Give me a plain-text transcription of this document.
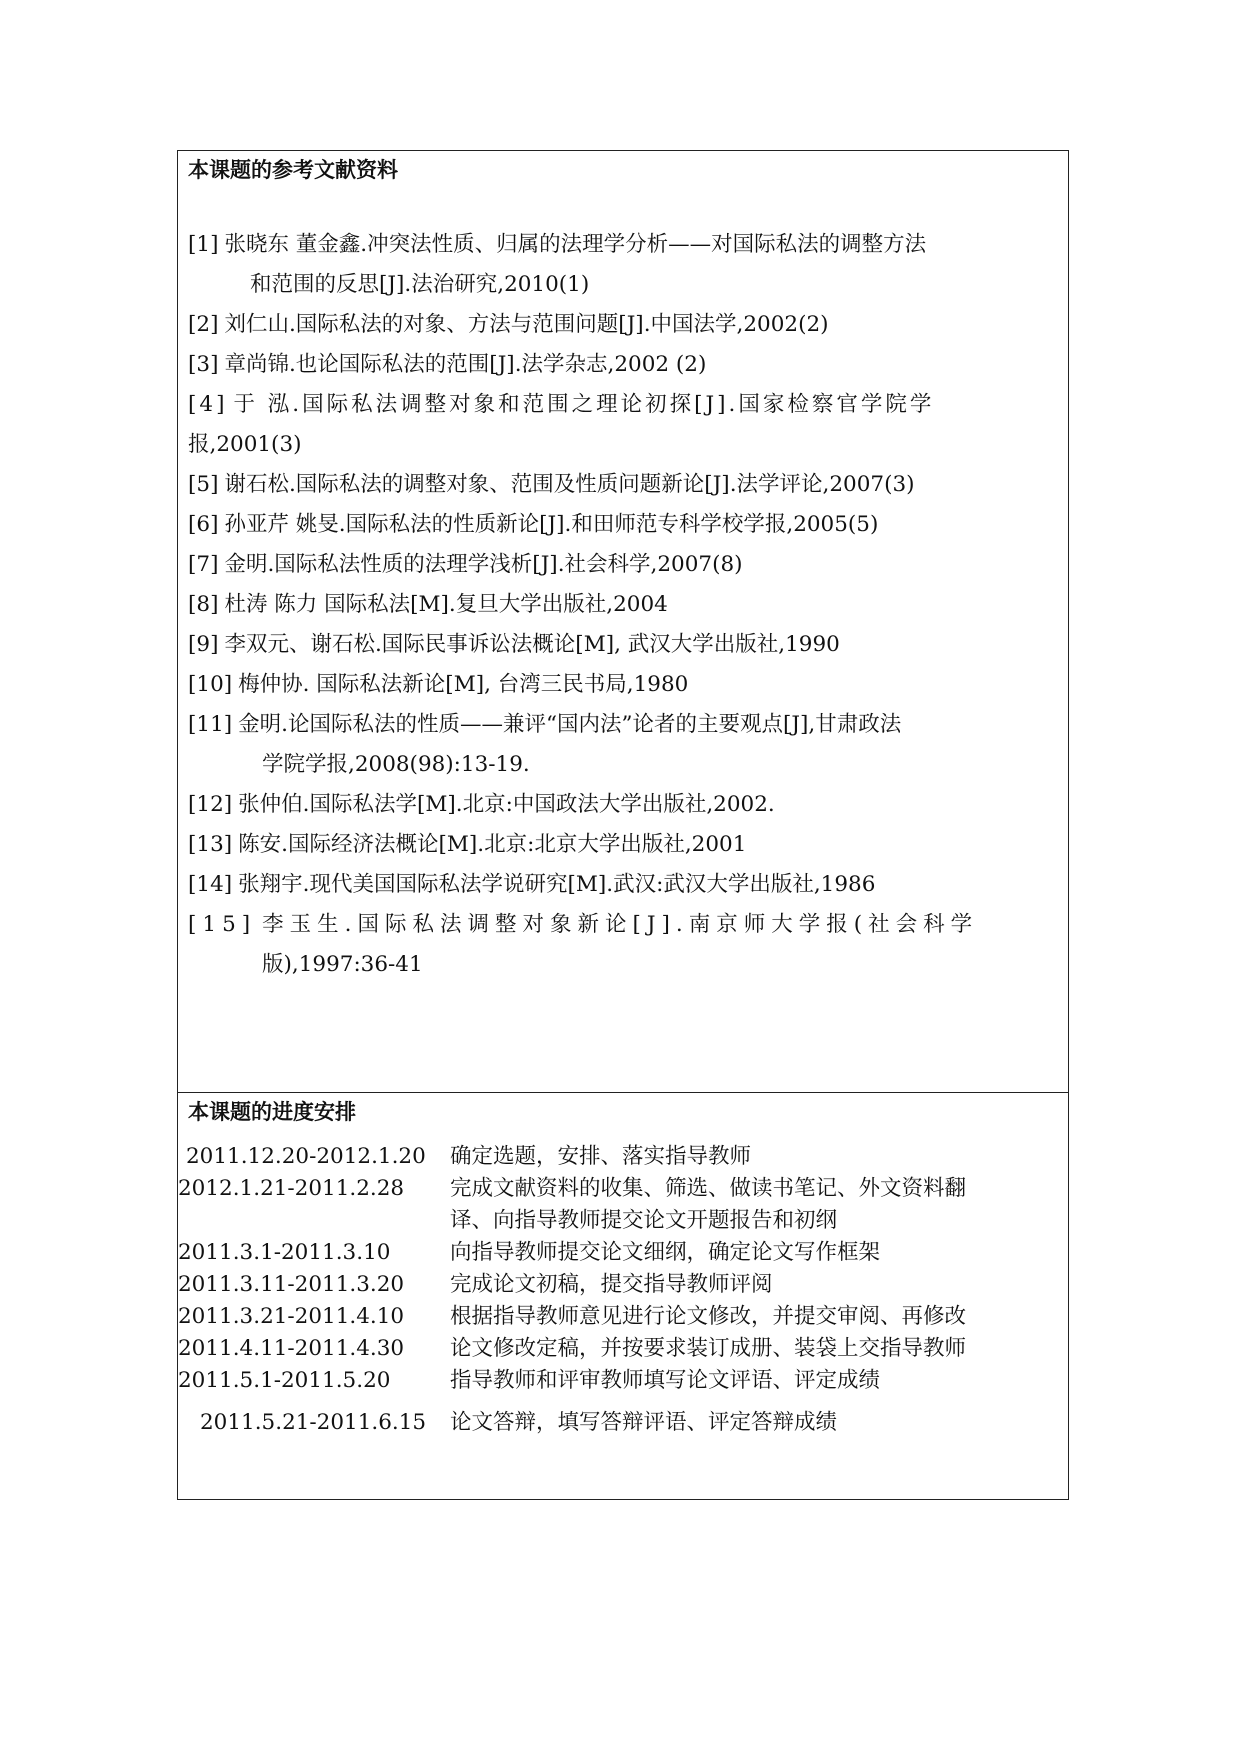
本课题的参考文献资料
[1] 张晓东 董金鑫.冲突法性质、归属的法理学分析——对国际私法的调整方法
和范围的反思[J].法治研究,2010(1)
[2] 刘仁山.国际私法的对象、方法与范围问题[J].中国法学,2002(2)
[3] 章尚锦.也论国际私法的范围[J].法学杂志,2002 (2)
[4] 于 泓.国际私法调整对象和范围之理论初探[J].国家检察官学院学
报,2001(3)
[5] 谢石松.国际私法的调整对象、范围及性质问题新论[J].法学评论,2007(3)
[6] 孙亚芹 姚旻.国际私法的性质新论[J].和田师范专科学校学报,2005(5)
[7] 金明.国际私法性质的法理学浅析[J].社会科学,2007(8)
[8] 杜涛 陈力 国际私法[M].复旦大学出版社,2004
[9] 李双元、谢石松.国际民事诉讼法概论[M], 武汉大学出版社,1990
[10] 梅仲协. 国际私法新论[M], 台湾三民书局,1980
[11] 金明.论国际私法的性质——兼评“国内法”论者的主要观点[J],甘肃政法
学院学报,2008(98):13-19.
[12] 张仲伯.国际私法学[M].北京:中国政法大学出版社,2002.
[13] 陈安.国际经济法概论[M].北京:北京大学出版社,2001
[14] 张翔宇.现代美国国际私法学说研究[M].武汉:武汉大学出版社,1986
[15] 李玉生.国际私法调整对象新论[J].南京师大学报(社会科学
版),1997:36-41
本课题的进度安排
2011.12.20-2012.1.20	确定选题，安排、落实指导教师
2012.1.21-2011.2.28	完成文献资料的收集、筛选、做读书笔记、外文资料翻
译、向指导教师提交论文开题报告和初纲
2011.3.1-2011.3.10	向指导教师提交论文细纲，确定论文写作框架
2011.3.11-2011.3.20	完成论文初稿，提交指导教师评阅
2011.3.21-2011.4.10	根据指导教师意见进行论文修改，并提交审阅、再修改
2011.4.11-2011.4.30	论文修改定稿，并按要求装订成册、装袋上交指导教师
2011.5.1-2011.5.20	指导教师和评审教师填写论文评语、评定成绩
2011.5.21-2011.6.15	论文答辩，填写答辩评语、评定答辩成绩
